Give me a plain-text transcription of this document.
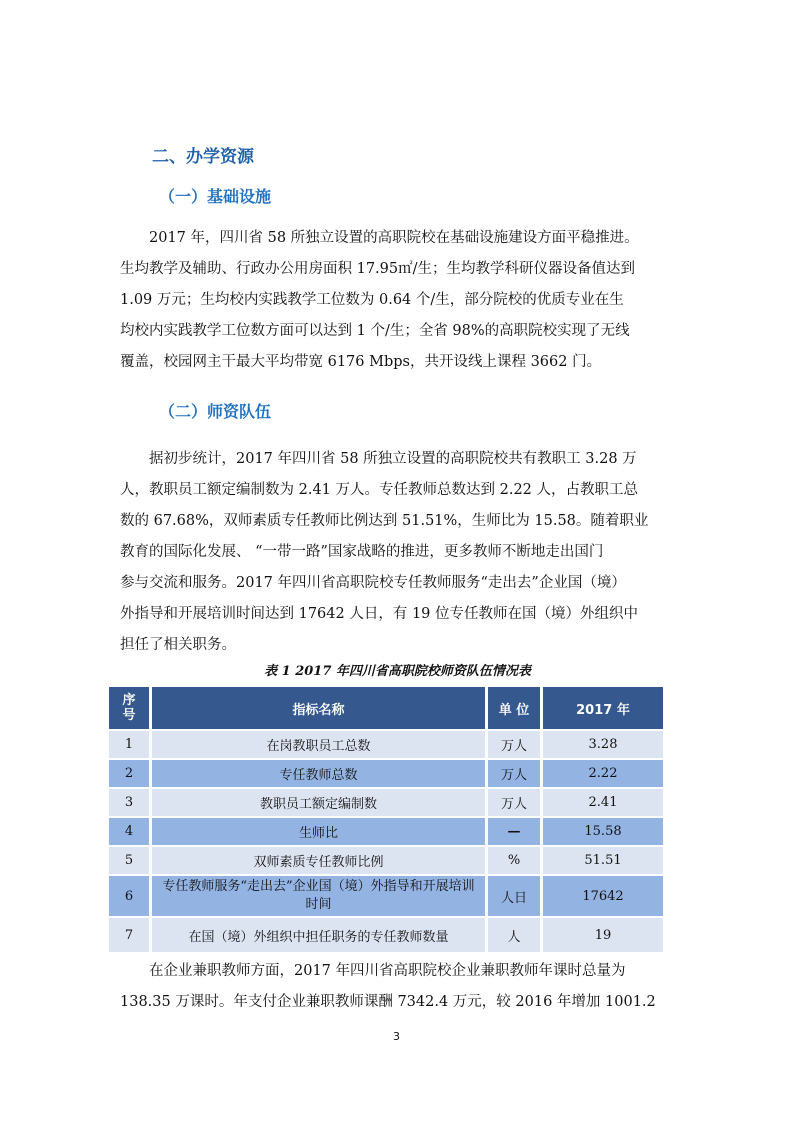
二、办学资源
（一）基础设施

2017 年，四川省 58 所独立设置的高职院校在基础设施建设方面平稳推进。
生均教学及辅助、行政办公用房面积 17.95㎡/生；生均教学科研仪器设备值达到
1.09 万元；生均校内实践教学工位数为 0.64 个/生，部分院校的优质专业在生
均校内实践教学工位数方面可以达到 1 个/生；全省 98%的高职院校实现了无线
覆盖，校园网主干最大平均带宽 6176 Mbps，共开设线上课程 3662 门。

（二）师资队伍

据初步统计，2017 年四川省 58 所独立设置的高职院校共有教职工 3.28 万
人，教职员工额定编制数为 2.41 万人。专任教师总数达到 2.22 人，占教职工总
数的 67.68%，双师素质专任教师比例达到 51.51%，生师比为 15.58。随着职业
教育的国际化发展、 “一带一路”国家战略的推进，更多教师不断地走出国门
参与交流和服务。2017 年四川省高职院校专任教师服务“走出去”企业国（境）
外指导和开展培训时间达到 17642 人日，有 19 位专任教师在国（境）外组织中
担任了相关职务。

表 1 2017 年四川省高职院校师资队伍情况表

序
号	指标名称	单 位	2017 年
1	在岗教职员工总数	万人	3.28
2	专任教师总数	万人	2.22
3	教职员工额定编制数	万人	2.41
4	生师比	—	15.58
5	双师素质专任教师比例	%	51.51
6	专任教师服务“走出去”企业国（境）外指导和开展培训时间	人日	17642
7	在国（境）外组织中担任职务的专任教师数量	人	19

在企业兼职教师方面，2017 年四川省高职院校企业兼职教师年课时总量为
138.35 万课时。年支付企业兼职教师课酬 7342.4 万元，较 2016 年增加 1001.2

3
